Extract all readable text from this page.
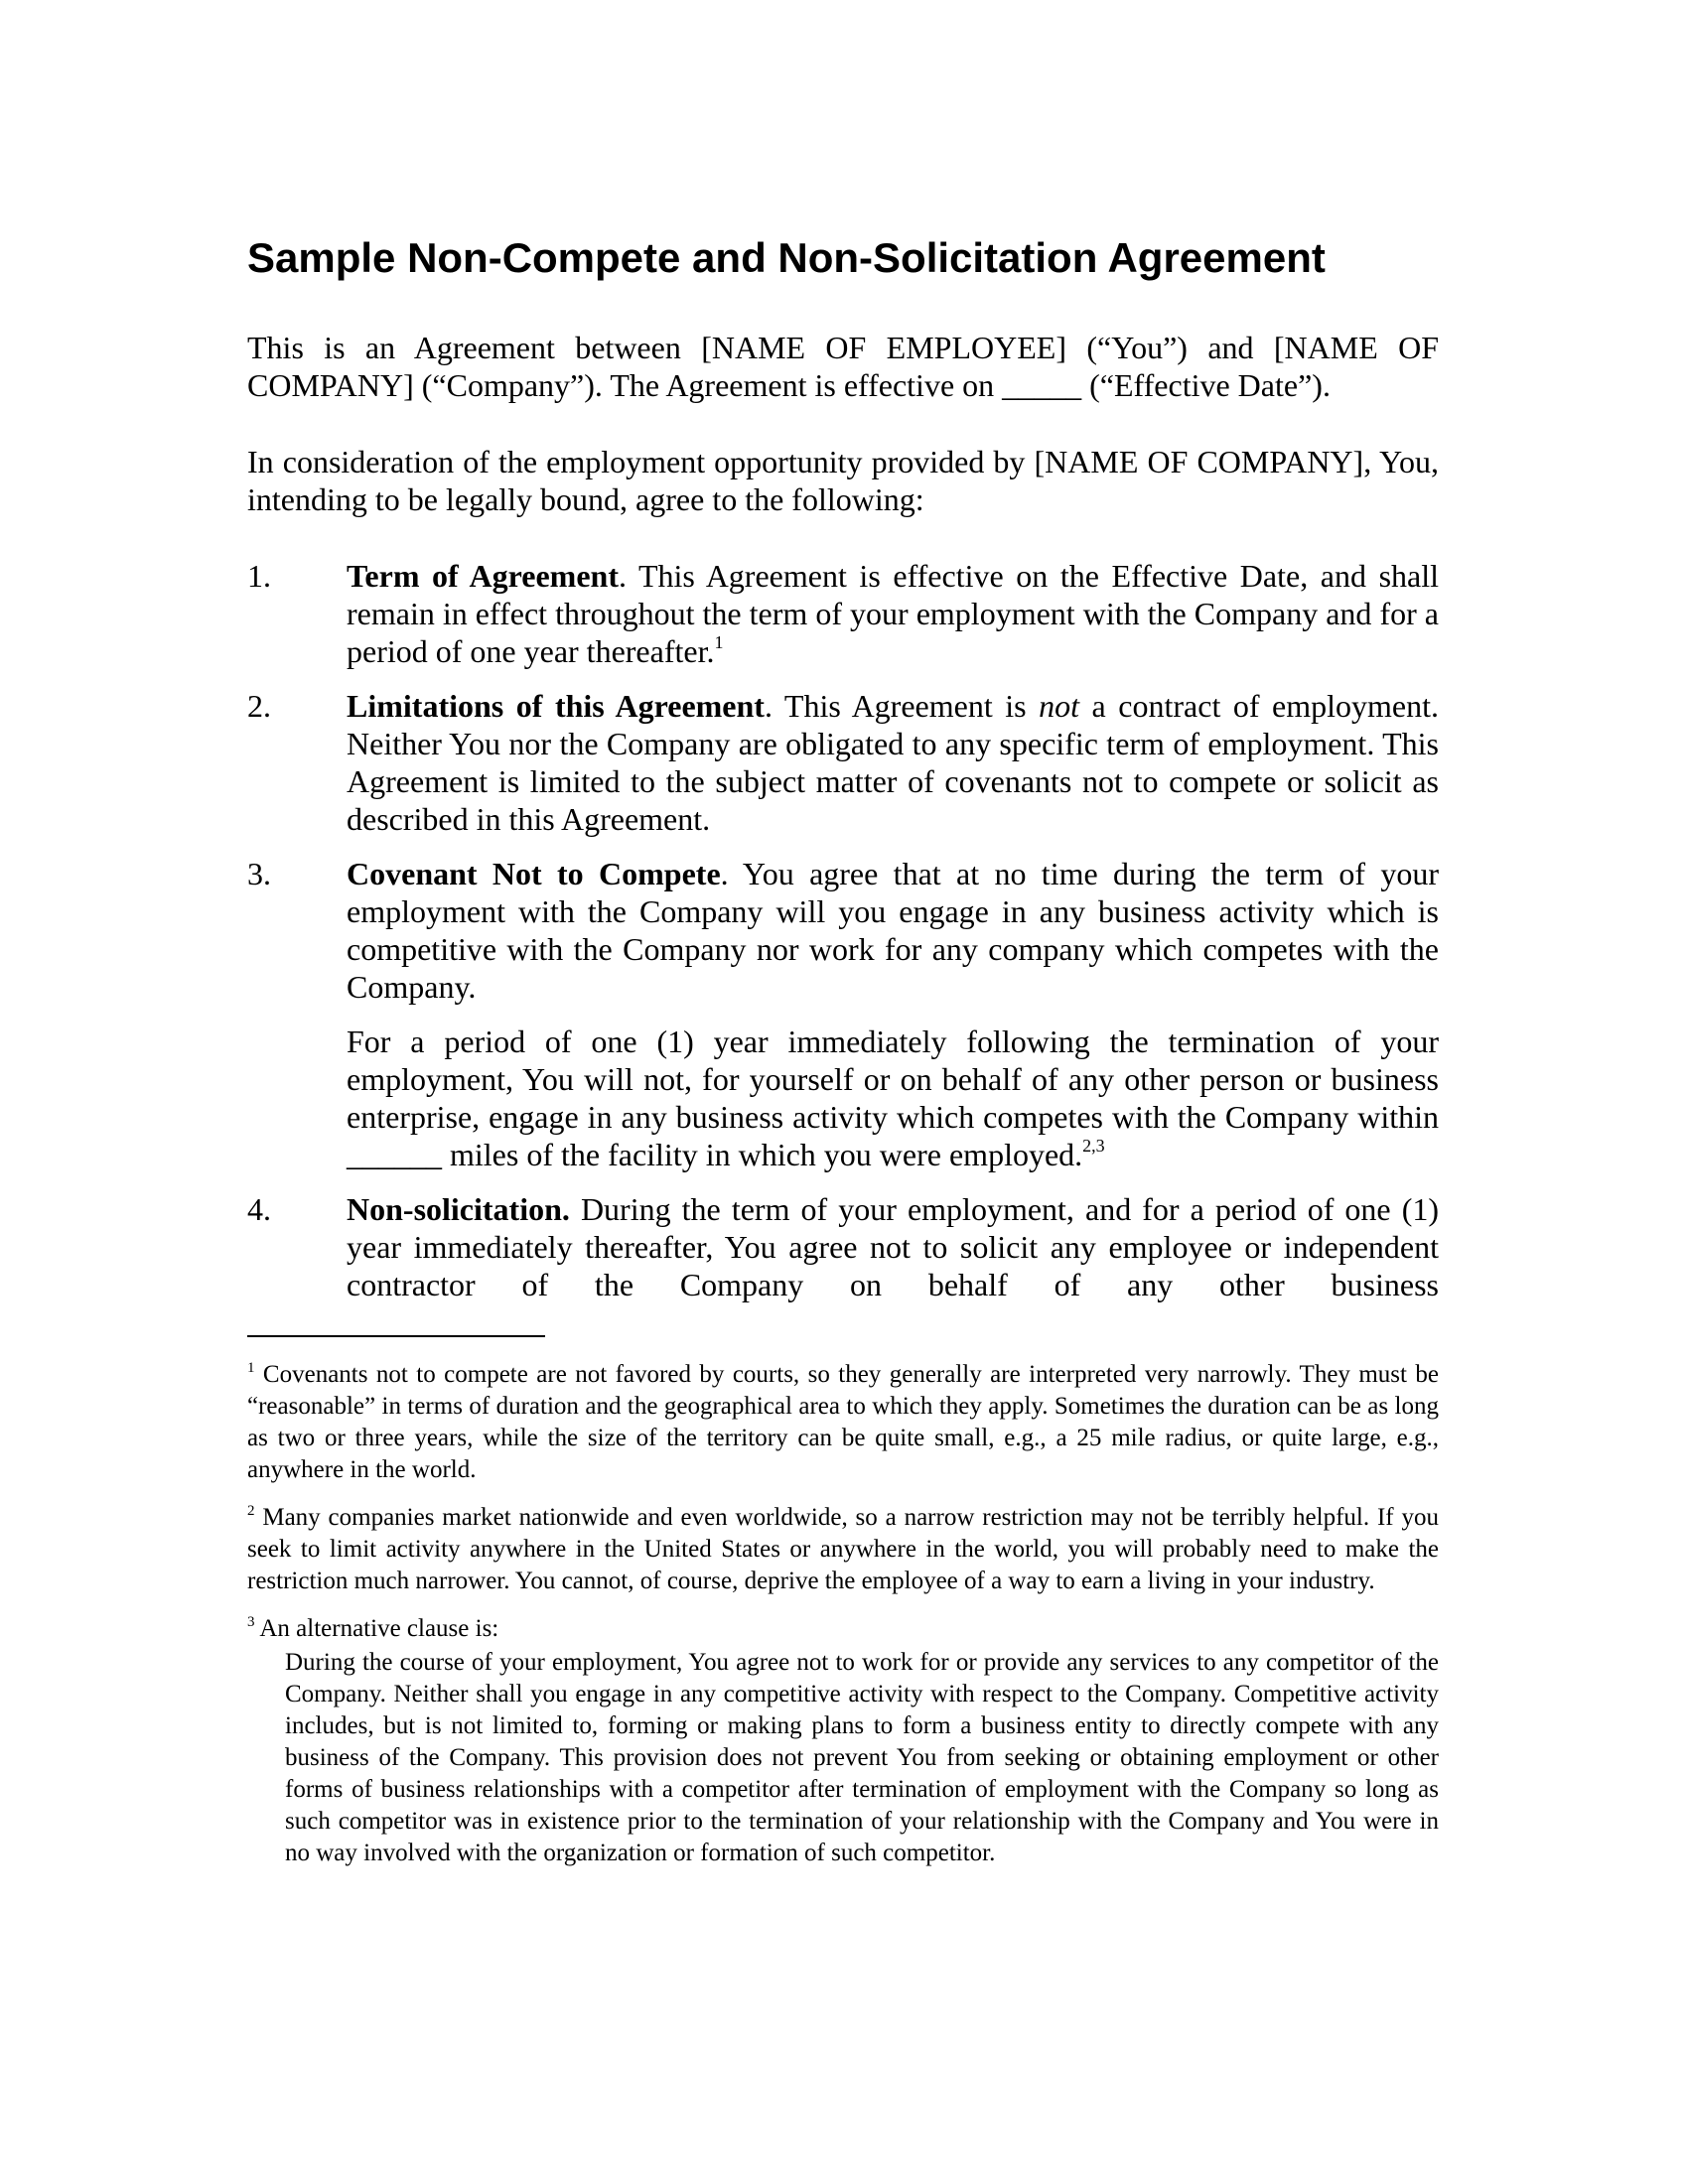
Sample Non-Compete and Non-Solicitation Agreement

This is an Agreement between [NAME OF EMPLOYEE] (“You”) and [NAME OF COMPANY] (“Company”). The Agreement is effective on _____ (“Effective Date”).

In consideration of the employment opportunity provided by [NAME OF COMPANY], You, intending to be legally bound, agree to the following:

1. Term of Agreement. This Agreement is effective on the Effective Date, and shall remain in effect throughout the term of your employment with the Company and for a period of one year thereafter.$^1$

2. Limitations of this Agreement. This Agreement is not a contract of employment. Neither You nor the Company are obligated to any specific term of employment. This Agreement is limited to the subject matter of covenants not to compete or solicit as described in this Agreement.

3. Covenant Not to Compete. You agree that at no time during the term of your employment with the Company will you engage in any business activity which is competitive with the Company nor work for any company which competes with the Company.

For a period of one (1) year immediately following the termination of your employment, You will not, for yourself or on behalf of any other person or business enterprise, engage in any business activity which competes with the Company within ______ miles of the facility in which you were employed.$^{2,3}$

4. Non-solicitation. During the term of your employment, and for a period of one (1) year immediately thereafter, You agree not to solicit any employee or independent contractor of the Company on behalf of any other business

$^1$ Covenants not to compete are not favored by courts, so they generally are interpreted very narrowly. They must be “reasonable” in terms of duration and the geographical area to which they apply. Sometimes the duration can be as long as two or three years, while the size of the territory can be quite small, e.g., a 25 mile radius, or quite large, e.g., anywhere in the world.

$^2$ Many companies market nationwide and even worldwide, so a narrow restriction may not be terribly helpful. If you seek to limit activity anywhere in the United States or anywhere in the world, you will probably need to make the restriction much narrower. You cannot, of course, deprive the employee of a way to earn a living in your industry.

$^3$ An alternative clause is:

During the course of your employment, You agree not to work for or provide any services to any competitor of the Company. Neither shall you engage in any competitive activity with respect to the Company. Competitive activity includes, but is not limited to, forming or making plans to form a business entity to directly compete with any business of the Company. This provision does not prevent You from seeking or obtaining employment or other forms of business relationships with a competitor after termination of employment with the Company so long as such competitor was in existence prior to the termination of your relationship with the Company and You were in no way involved with the organization or formation of such competitor.
